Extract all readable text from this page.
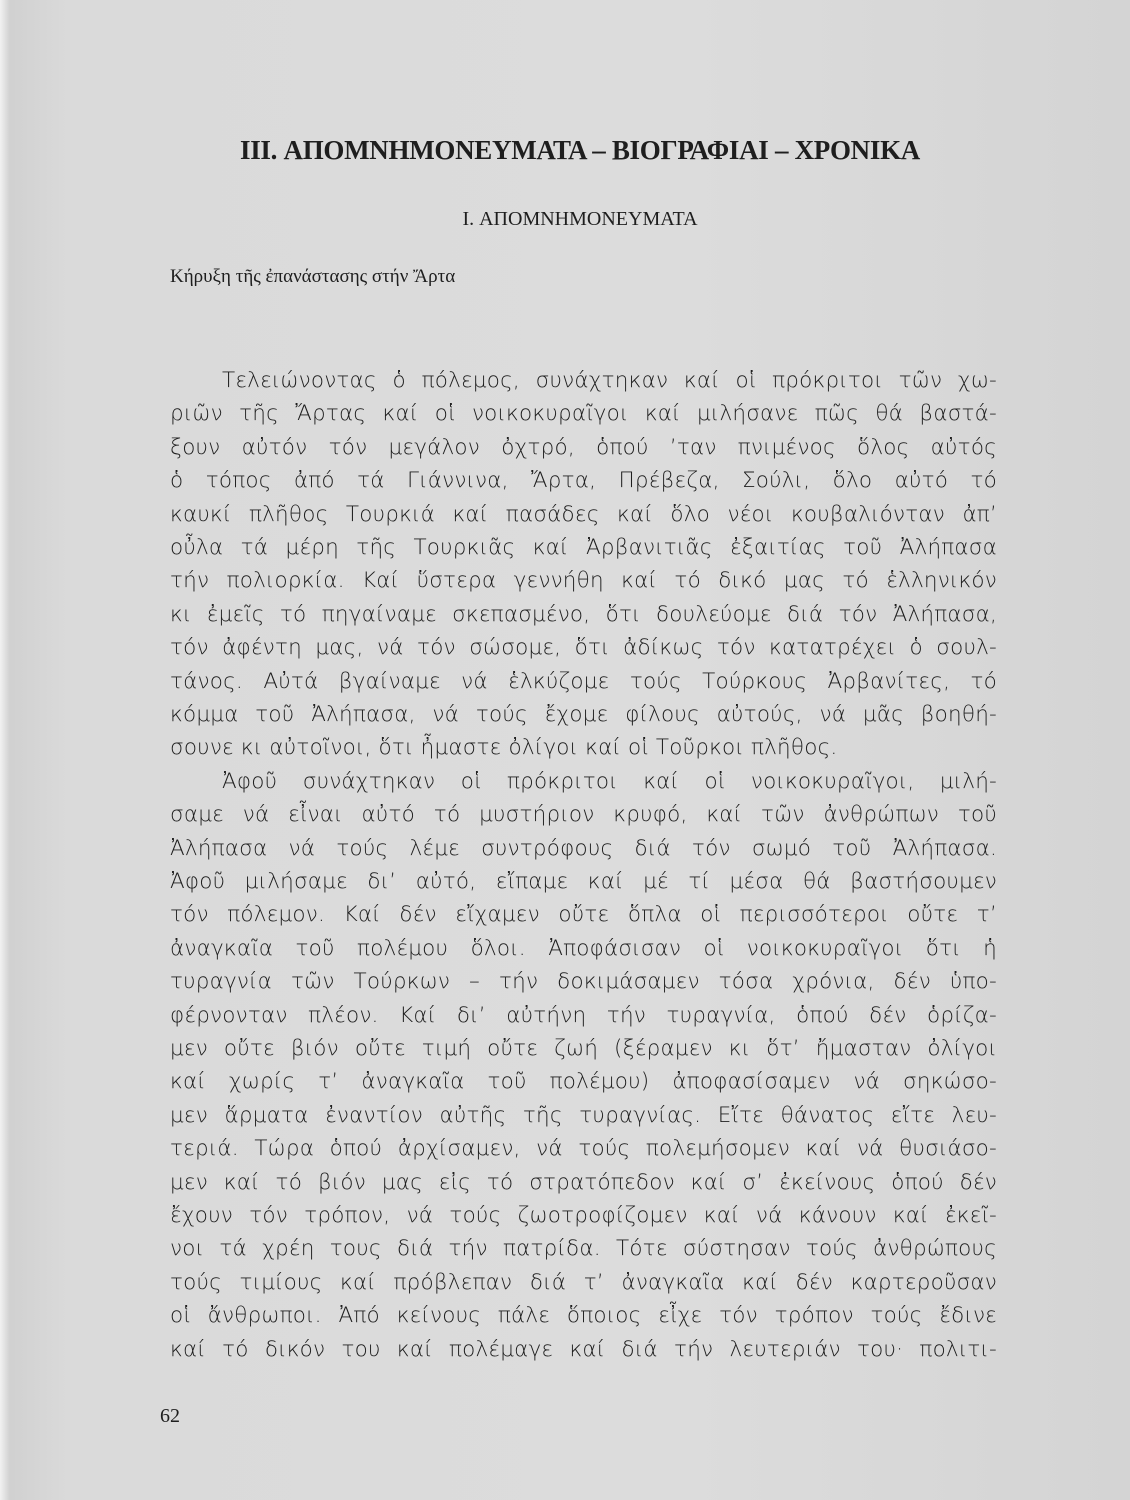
III. ΑΠΟΜΝΗΜΟΝΕΥΜΑΤΑ – ΒΙΟΓΡΑΦΙΑΙ – ΧΡΟΝΙΚΑ
I. ΑΠΟΜΝΗΜΟΝΕΥΜΑΤΑ
Κήρυξη τῆς ἐπανάστασης στήν Ἄρτα
Τελειώνοντας ὁ πόλεμος, συνάχτηκαν καί οἱ πρόκριτοι τῶν χω-
ριῶν τῆς Ἄρτας καί οἱ νοικοκυραῖγοι καί μιλήσανε πῶς θά βαστά-
ξουν αὐτόν τόν μεγάλον ὀχτρό, ὁπού ’ταν πνιμένος ὅλος αὐτός
ὁ τόπος ἀπό τά Γιάννινα, Ἄρτα, Πρέβεζα, Σούλι, ὅλο αὐτό τό
καυκί πλῆθος Τουρκιά καί πασάδες καί ὅλο νέοι κουβαλιόνταν ἀπ’
οὖλα τά μέρη τῆς Τουρκιᾶς καί Ἀρβανιτιᾶς ἐξαιτίας τοῦ Ἀλήπασα
τήν πολιορκία. Καί ὕστερα γεννήθη καί τό δικό μας τό ἑλληνικόν
κι ἐμεῖς τό πηγαίναμε σκεπασμένο, ὅτι δουλεύομε διά τόν Ἀλήπασα,
τόν ἀφέντη μας, νά τόν σώσομε, ὅτι ἀδίκως τόν κατατρέχει ὁ σουλ-
τάνος. Αὐτά βγαίναμε νά ἑλκύζομε τούς Τούρκους Ἀρβανίτες, τό
κόμμα τοῦ Ἀλήπασα, νά τούς ἔχομε φίλους αὐτούς, νά μᾶς βοηθή-
σουνε κι αὐτοῖνοι, ὅτι ἦμαστε ὀλίγοι καί οἱ Τοῦρκοι πλῆθος.
Ἀφοῦ συνάχτηκαν οἱ πρόκριτοι καί οἱ νοικοκυραῖγοι, μιλή-
σαμε νά εἶναι αὐτό τό μυστήριον κρυφό, καί τῶν ἀνθρώπων τοῦ
Ἀλήπασα νά τούς λέμε συντρόφους διά τόν σωμό τοῦ Ἀλήπασα.
Ἀφοῦ μιλήσαμε δι’ αὐτό, εἴπαμε καί μέ τί μέσα θά βαστήσουμεν
τόν πόλεμον. Καί δέν εἴχαμεν οὔτε ὅπλα οἱ περισσότεροι οὔτε τ’
ἀναγκαῖα τοῦ πολέμου ὅλοι. Ἀποφάσισαν οἱ νοικοκυραῖγοι ὅτι ἡ
τυραγνία τῶν Τούρκων – τήν δοκιμάσαμεν τόσα χρόνια, δέν ὑπο-
φέρνονταν πλέον. Καί δι’ αὐτήνη τήν τυραγνία, ὁπού δέν ὁρίζα-
μεν οὔτε βιόν οὔτε τιμή οὔτε ζωή (ξέραμεν κι ὅτ’ ἤμασταν ὀλίγοι
καί χωρίς τ’ ἀναγκαῖα τοῦ πολέμου) ἀποφασίσαμεν νά σηκώσο-
μεν ἅρματα ἐναντίον αὐτῆς τῆς τυραγνίας. Εἴτε θάνατος εἴτε λευ-
τεριά. Τώρα ὁπού ἀρχίσαμεν, νά τούς πολεμήσομεν καί νά θυσιάσο-
μεν καί τό βιόν μας εἰς τό στρατόπεδον καί σ’ ἐκείνους ὁπού δέν
ἔχουν τόν τρόπον, νά τούς ζωοτροφίζομεν καί νά κάνουν καί ἐκεῖ-
νοι τά χρέη τους διά τήν πατρίδα. Τότε σύστησαν τούς ἀνθρώπους
τούς τιμίους καί πρόβλεπαν διά τ’ ἀναγκαῖα καί δέν καρτεροῦσαν
οἱ ἄνθρωποι. Ἀπό κείνους πάλε ὅποιος εἶχε τόν τρόπον τούς ἔδινε
καί τό δικόν του καί πολέμαγε καί διά τήν λευτεριάν του· πολιτι-
62
